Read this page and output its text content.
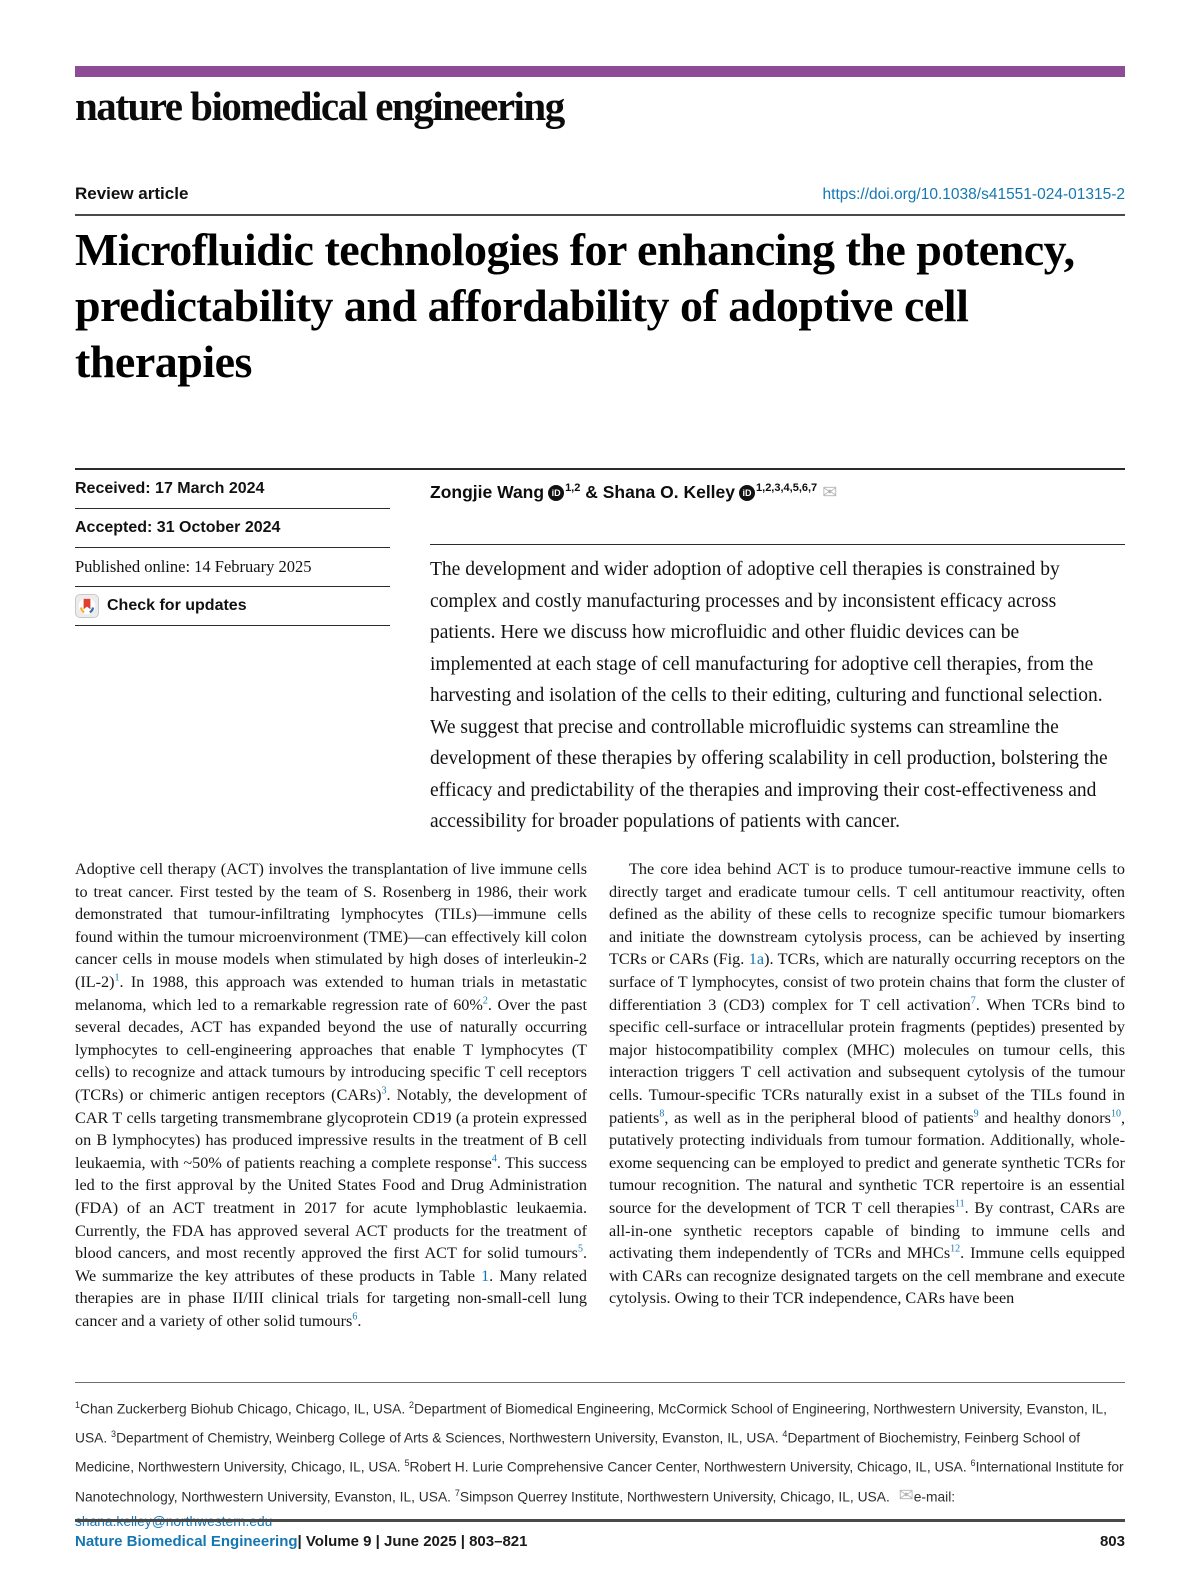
nature biomedical engineering
Review article	https://doi.org/10.1038/s41551-024-01315-2
Microfluidic technologies for enhancing the potency, predictability and affordability of adoptive cell therapies
Received: 17 March 2024
Accepted: 31 October 2024
Published online: 14 February 2025
Check for updates
Zongjie Wang iD $^{1,2}$ & Shana O. Kelley iD $^{1,2,3,4,5,6,7}$ ✉

The development and wider adoption of adoptive cell therapies is constrained by complex and costly manufacturing processes and by inconsistent efficacy across patients. Here we discuss how microfluidic and other fluidic devices can be implemented at each stage of cell manufacturing for adoptive cell therapies, from the harvesting and isolation of the cells to their editing, culturing and functional selection. We suggest that precise and controllable microfluidic systems can streamline the development of these therapies by offering scalability in cell production, bolstering the efficacy and predictability of the therapies and improving their cost-effectiveness and accessibility for broader populations of patients with cancer.

Adoptive cell therapy (ACT) involves the transplantation of live immune cells to treat cancer. First tested by the team of S. Rosenberg in 1986, their work demonstrated that tumour-infiltrating lymphocytes (TILs)—immune cells found within the tumour microenvironment (TME)—can effectively kill colon cancer cells in mouse models when stimulated by high doses of interleukin-2 $(IL-2)^1$. In 1988, this approach was extended to human trials in metastatic melanoma, which led to a remarkable regression rate of 60%$^2$. Over the past several decades, ACT has expanded beyond the use of naturally occurring lymphocytes to cell-engineering approaches that enable T lymphocytes (T cells) to recognize and attack tumours by introducing specific T cell receptors (TCRs) or chimeric antigen receptors (CARs)$^3$. Notably, the development of CAR T cells targeting transmembrane glycoprotein CD19 (a protein expressed on B lymphocytes) has produced impressive results in the treatment of B cell leukaemia, with ~50% of patients reaching a complete response$^4$. This success led to the first approval by the United States Food and Drug Administration (FDA) of an ACT treatment in 2017 for acute lymphoblastic leukaemia. Currently, the FDA has approved several ACT products for the treatment of blood cancers, and most recently approved the first ACT for solid tumours$^5$. We summarize the key attributes of these products in Table 1. Many related therapies are in phase II/III clinical trials for targeting non-small-cell lung cancer and a variety of other solid tumours$^6$.

The core idea behind ACT is to produce tumour-reactive immune cells to directly target and eradicate tumour cells. T cell antitumour reactivity, often defined as the ability of these cells to recognize specific tumour biomarkers and initiate the downstream cytolysis process, can be achieved by inserting TCRs or CARs (Fig. 1a). TCRs, which are naturally occurring receptors on the surface of T lymphocytes, consist of two protein chains that form the cluster of differentiation 3 (CD3) complex for T cell activation$^7$. When TCRs bind to specific cell-surface or intracellular protein fragments (peptides) presented by major histocompatibility complex (MHC) molecules on tumour cells, this interaction triggers T cell activation and subsequent cytolysis of the tumour cells. Tumour-specific TCRs naturally exist in a subset of the TILs found in patients$^8$, as well as in the peripheral blood of patients$^9$ and healthy donors$^{10}$, putatively protecting individuals from tumour formation. Additionally, whole-exome sequencing can be employed to predict and generate synthetic TCRs for tumour recognition. The natural and synthetic TCR repertoire is an essential source for the development of TCR T cell therapies$^{11}$. By contrast, CARs are all-in-one synthetic receptors capable of binding to immune cells and activating them independently of TCRs and MHCs$^{12}$. Immune cells equipped with CARs can recognize designated targets on the cell membrane and execute cytolysis. Owing to their TCR independence, CARs have been

$^1$Chan Zuckerberg Biohub Chicago, Chicago, IL, USA. $^2$Department of Biomedical Engineering, McCormick School of Engineering, Northwestern University, Evanston, IL, USA. $^3$Department of Chemistry, Weinberg College of Arts & Sciences, Northwestern University, Evanston, IL, USA. $^4$Department of Biochemistry, Feinberg School of Medicine, Northwestern University, Chicago, IL, USA. $^5$Robert H. Lurie Comprehensive Cancer Center, Northwestern University, Chicago, IL, USA. $^6$International Institute for Nanotechnology, Northwestern University, Evanston, IL, USA. $^7$Simpson Querrey Institute, Northwestern University, Chicago, IL, USA. ✉e-mail:

Nature Biomedical Engineering | Volume 9 | June 2025 | 803–821	803
